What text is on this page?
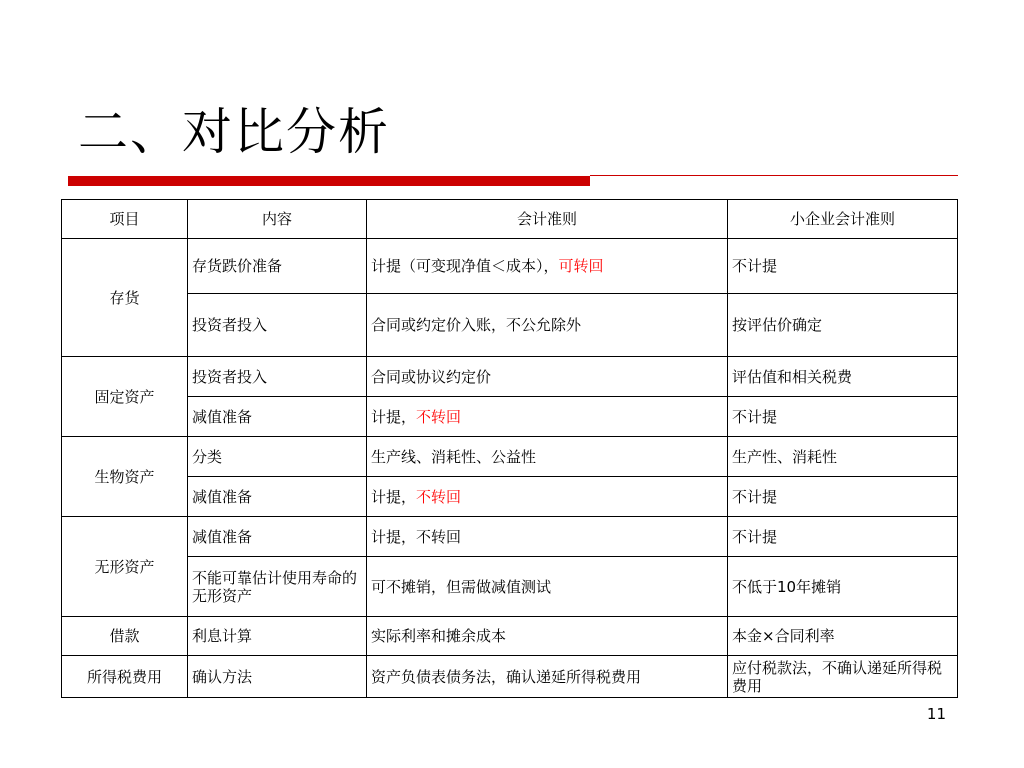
二、对比分析
项目	内容	会计准则	小企业会计准则
存货	存货跌价准备	计提（可变现净值＜成本），可转回	不计提
	投资者投入	合同或约定价入账，不公允除外	按评估价确定
固定资产	投资者投入	合同或协议约定价	评估值和相关税费
	减值准备	计提，不转回	不计提
生物资产	分类	生产线、消耗性、公益性	生产性、消耗性
	减值准备	计提，不转回	不计提
无形资产	减值准备	计提，不转回	不计提
	不能可靠估计使用寿命的无形资产	可不摊销，但需做减值测试	不低于10年摊销
借款	利息计算	实际利率和摊余成本	本金×合同利率
所得税费用	确认方法	资产负债表债务法，确认递延所得税费用	应付税款法，不确认递延所得税费用
11
